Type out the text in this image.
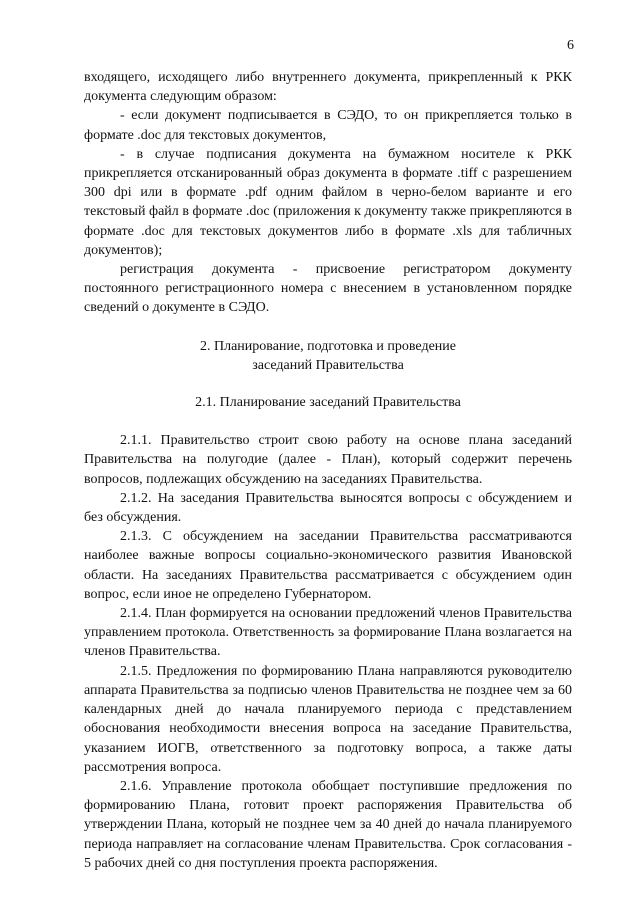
6

входящего, исходящего либо внутреннего документа, прикрепленный к РКК документа следующим образом:

- если документ подписывается в СЭДО, то он прикрепляется только в формате .doc для текстовых документов,

- в случае подписания документа на бумажном носителе к РКК прикрепляется отсканированный образ документа в формате .tiff с разрешением 300 dpi или в формате .pdf одним файлом в черно-белом варианте и его текстовый файл в формате .doc (приложения к документу также прикрепляются в формате .doc для текстовых документов либо в формате .xls для табличных документов);

регистрация документа - присвоение регистратором документу постоянного регистрационного номера с внесением в установленном порядке сведений о документе в СЭДО.

2. Планирование, подготовка и проведение

заседаний Правительства

2.1. Планирование заседаний Правительства

2.1.1. Правительство строит свою работу на основе плана заседаний Правительства на полугодие (далее - План), который содержит перечень вопросов, подлежащих обсуждению на заседаниях Правительства.

2.1.2. На заседания Правительства выносятся вопросы с обсуждением и без обсуждения.

2.1.3. С обсуждением на заседании Правительства рассматриваются наиболее важные вопросы социально-экономического развития Ивановской области. На заседаниях Правительства рассматривается с обсуждением один вопрос, если иное не определено Губернатором.

2.1.4. План формируется на основании предложений членов Правительства управлением протокола. Ответственность за формирование Плана возлагается на членов Правительства.

2.1.5. Предложения по формированию Плана направляются руководителю аппарата Правительства за подписью членов Правительства не позднее чем за 60 календарных дней до начала планируемого периода с представлением обоснования необходимости внесения вопроса на заседание Правительства, указанием ИОГВ, ответственного за подготовку вопроса, а также даты рассмотрения вопроса.

2.1.6. Управление протокола обобщает поступившие предложения по формированию Плана, готовит проект распоряжения Правительства об утверждении Плана, который не позднее чем за 40 дней до начала планируемого периода направляет на согласование членам Правительства. Срок согласования - 5 рабочих дней со дня поступления проекта распоряжения.
